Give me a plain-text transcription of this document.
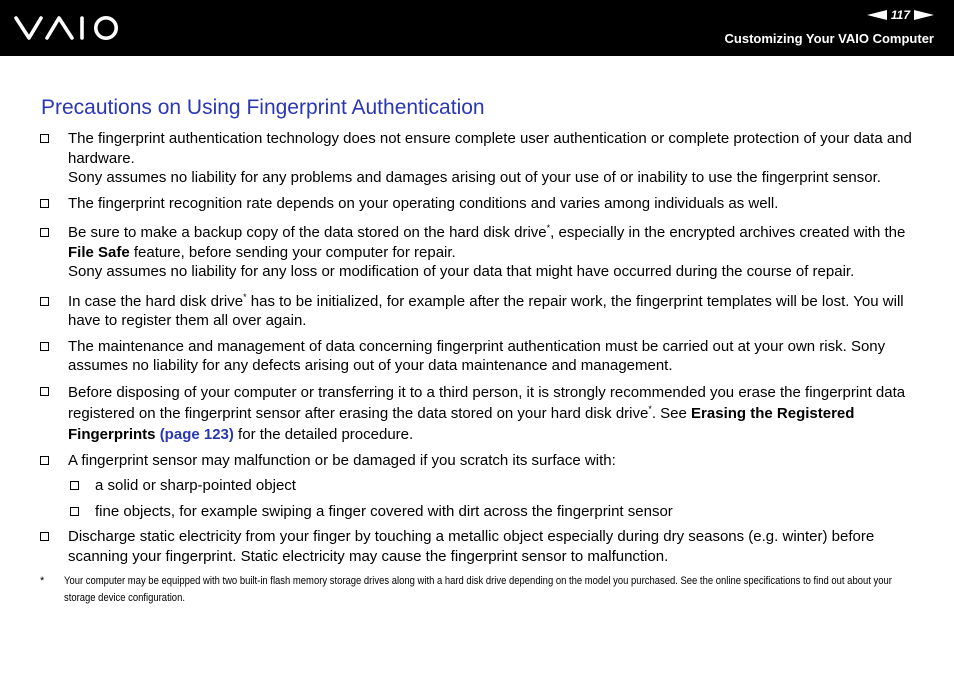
117
Customizing Your VAIO Computer
Precautions on Using Fingerprint Authentication
The fingerprint authentication technology does not ensure complete user authentication or complete protection of your data and hardware.
Sony assumes no liability for any problems and damages arising out of your use of or inability to use the fingerprint sensor.
The fingerprint recognition rate depends on your operating conditions and varies among individuals as well.
Be sure to make a backup copy of the data stored on the hard disk drive*, especially in the encrypted archives created with the File Safe feature, before sending your computer for repair.
Sony assumes no liability for any loss or modification of your data that might have occurred during the course of repair.
In case the hard disk drive* has to be initialized, for example after the repair work, the fingerprint templates will be lost. You will have to register them all over again.
The maintenance and management of data concerning fingerprint authentication must be carried out at your own risk. Sony assumes no liability for any defects arising out of your data maintenance and management.
Before disposing of your computer or transferring it to a third person, it is strongly recommended you erase the fingerprint data registered on the fingerprint sensor after erasing the data stored on your hard disk drive*. See Erasing the Registered Fingerprints (page 123) for the detailed procedure.
A fingerprint sensor may malfunction or be damaged if you scratch its surface with:
a solid or sharp-pointed object
fine objects, for example swiping a finger covered with dirt across the fingerprint sensor
Discharge static electricity from your finger by touching a metallic object especially during dry seasons (e.g. winter) before scanning your fingerprint. Static electricity may cause the fingerprint sensor to malfunction.
* Your computer may be equipped with two built-in flash memory storage drives along with a hard disk drive depending on the model you purchased. See the online specifications to find out about your storage device configuration.
